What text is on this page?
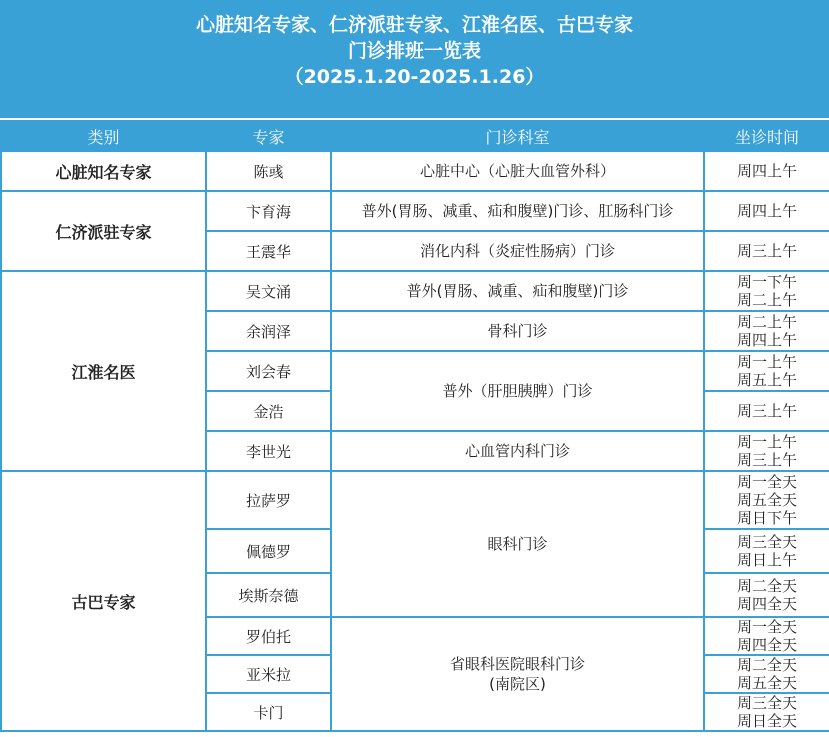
心脏知名专家、仁济派驻专家、江淮名医、古巴专家
门诊排班一览表
（2025.1.20-2025.1.26）
类别	专家	门诊科室	坐诊时间
心脏知名专家	陈彧	心脏中心（心脏大血管外科）	周四上午

仁济派驻专家	卞育海	普外(胃肠、减重、疝和腹壁)门诊、肛肠科门诊	周四上午

	王震华	消化内科（炎症性肠病）门诊	周三上午

江淮名医	吴文涌	普外(胃肠、减重、疝和腹壁)门诊	周一下午
周二上午

	余润泽	骨科门诊	周二上午
周四上午

	刘会春	普外（肝胆胰脾）门诊	周一上午
周五上午

	金浩		周三上午

	李世光	心血管内科门诊	周一上午
周三上午

古巴专家	拉萨罗	眼科门诊	周一全天
周五全天
周日下午

	佩德罗		周三全天
周日上午

	埃斯奈德		周二全天
周四全天

	罗伯托	省眼科医院眼科门诊
(南院区)	周一全天
周四全天

	亚米拉		周二全天
周五全天

	卡门		周三全天
周日全天
